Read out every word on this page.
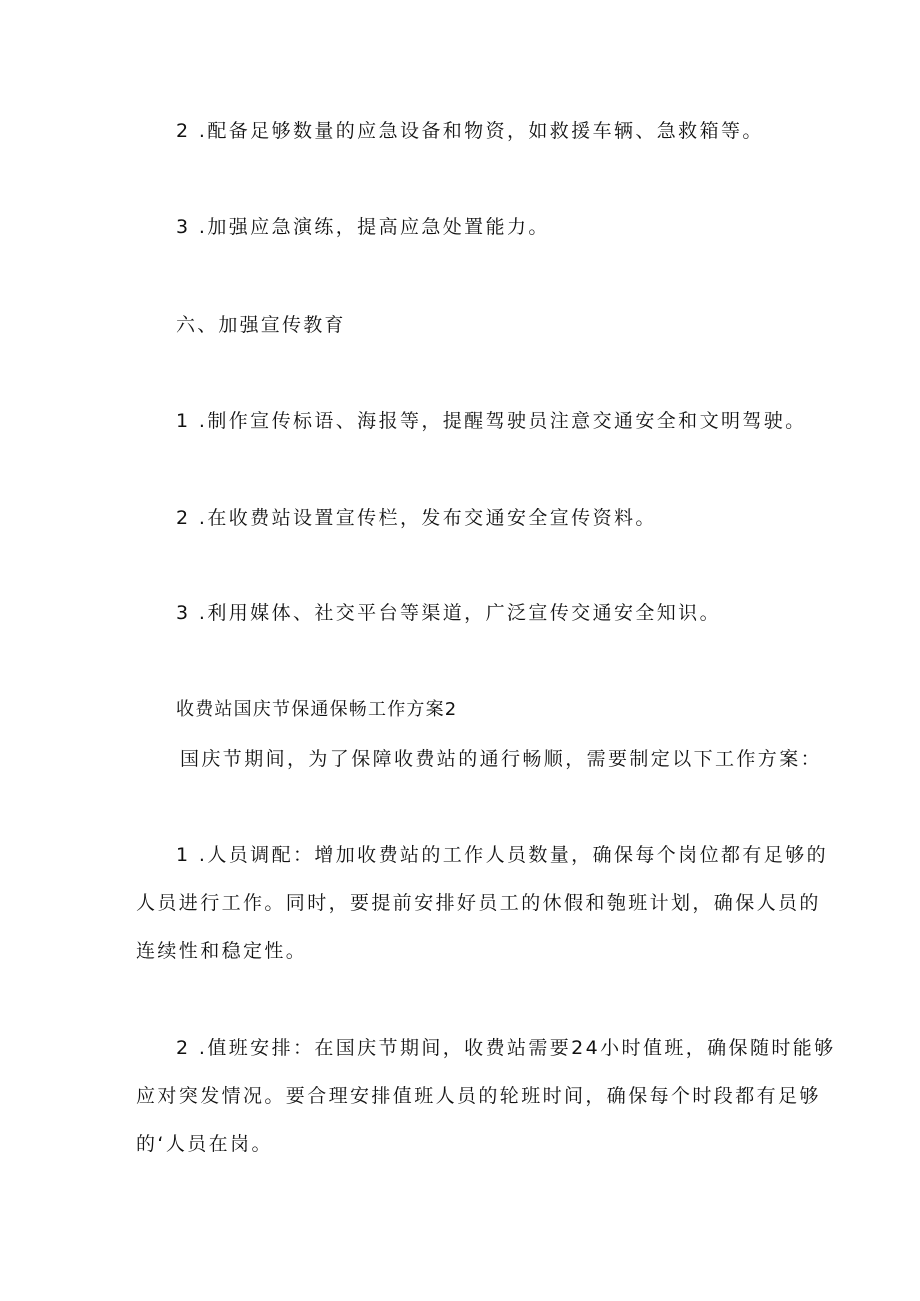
2 .配备足够数量的应急设备和物资，如救援车辆、急救箱等。
3 .加强应急演练，提高应急处置能力。
六、加强宣传教育
1 .制作宣传标语、海报等，提醒驾驶员注意交通安全和文明驾驶。
2 .在收费站设置宣传栏，发布交通安全宣传资料。
3 .利用媒体、社交平台等渠道，广泛宣传交通安全知识。
收费站国庆节保通保畅工作方案2
国庆节期间，为了保障收费站的通行畅顺，需要制定以下工作方案：
1 .人员调配：增加收费站的工作人员数量，确保每个岗位都有足够的
人员进行工作。同时，要提前安排好员工的休假和匏班计划，确保人员的
连续性和稳定性。
2 .值班安排：在国庆节期间，收费站需要24小时值班，确保随时能够
应对突发情况。要合理安排值班人员的轮班时间，确保每个时段都有足够
的‘人员在岗。
